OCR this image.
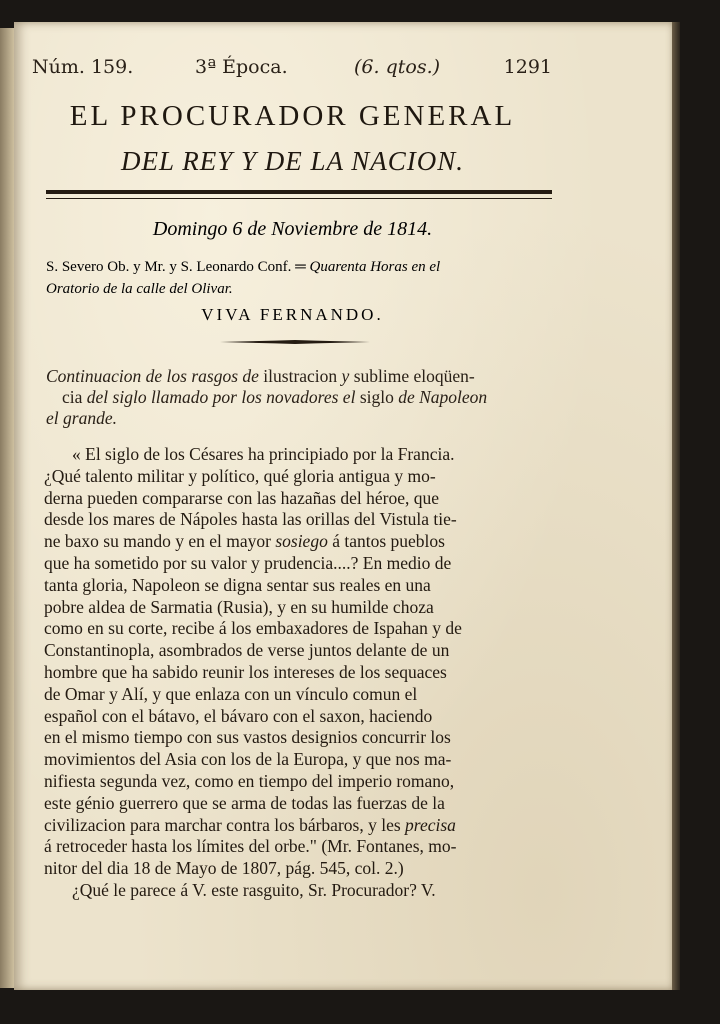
Núm. 159.	3ª Época.	(6. qtos.)	1291
EL PROCURADOR GENERAL
DEL REY Y DE LA NACION.
Domingo 6 de Noviembre de 1814.
S. Severo Ob. y Mr. y S. Leonardo Conf. ═ Quarenta Horas en el
Oratorio de la calle del Olivar.
VIVA FERNANDO.
Continuacion de los rasgos de ilustracion y sublime eloqüen-
cia del siglo llamado por los novadores el siglo de Napoleon
el grande.
« El siglo de los Césares ha principiado por la Francia.
¿Qué talento militar y político, qué gloria antigua y mo-
derna pueden compararse con las hazañas del héroe, que
desde los mares de Nápoles hasta las orillas del Vistula tie-
ne baxo su mando y en el mayor sosiego á tantos pueblos
que ha sometido por su valor y prudencia....? En medio de
tanta gloria, Napoleon se digna sentar sus reales en una
pobre aldea de Sarmatia (Rusia), y en su humilde choza
como en su corte, recibe á los embaxadores de Ispahan y de
Constantinopla, asombrados de verse juntos delante de un
hombre que ha sabido reunir los intereses de los sequaces
de Omar y Alí, y que enlaza con un vínculo comun el
español con el bátavo, el bávaro con el saxon, haciendo
en el mismo tiempo con sus vastos designios concurrir los
movimientos del Asia con los de la Europa, y que nos ma-
nifiesta segunda vez, como en tiempo del imperio romano,
este génio guerrero que se arma de todas las fuerzas de la
civilizacion para marchar contra los bárbaros, y les precisa
á retroceder hasta los límites del orbe." (Mr. Fontanes, mo-
nitor del dia 18 de Mayo de 1807, pág. 545, col. 2.)
¿Qué le parece á V. este rasguito, Sr. Procurador? V.
